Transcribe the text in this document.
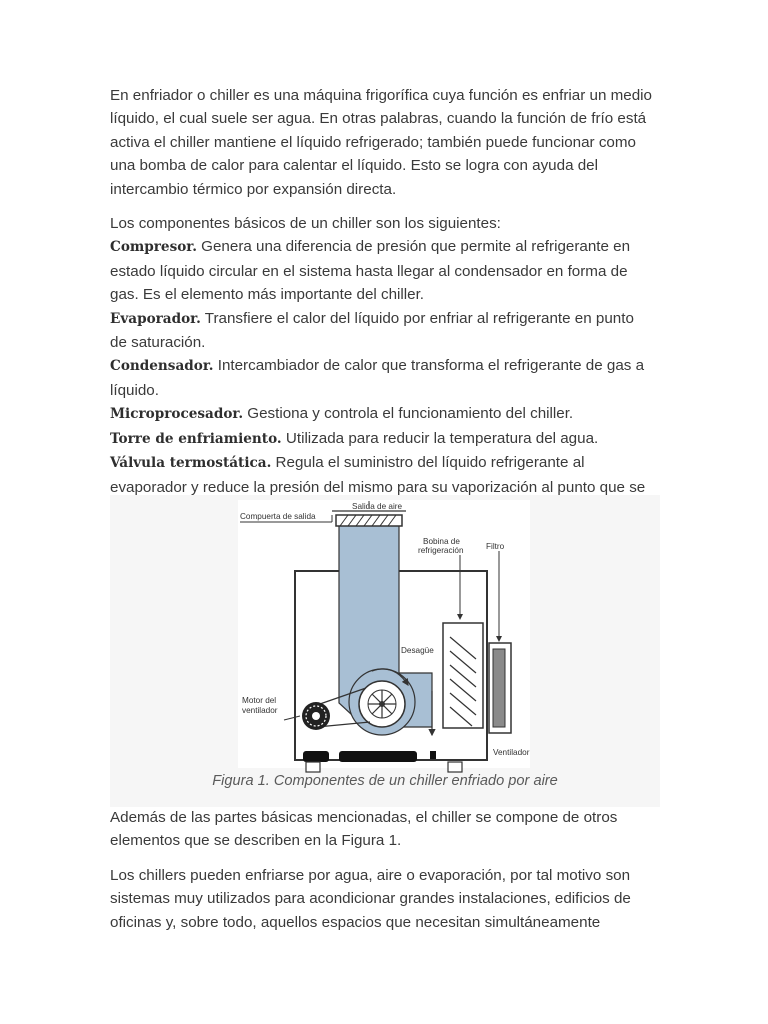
En enfriador o chiller es una máquina frigorífica cuya función es enfriar un medio líquido, el cual suele ser agua. En otras palabras, cuando la función de frío está activa el chiller mantiene el líquido refrigerado; también puede funcionar como una bomba de calor para calentar el líquido. Esto se logra con ayuda del intercambio térmico por expansión directa.

Los componentes básicos de un chiller son los siguientes:

Compresor. Genera una diferencia de presión que permite al refrigerante en estado líquido circular en el sistema hasta llegar al condensador en forma de gas. Es el elemento más importante del chiller.

Evaporador. Transfiere el calor del líquido por enfriar al refrigerante en punto de saturación.

Condensador. Intercambiador de calor que transforma el refrigerante de gas a líquido.

Microprocesador. Gestiona y controla el funcionamiento del chiller.

Torre de enfriamiento. Utilizada para reducir la temperatura del agua.

Válvula termostática. Regula el suministro del líquido refrigerante al evaporador y reduce la presión del mismo para su vaporización al punto que se

Compuerta de salida
Salida de aire
Bobina de
refrigeración	Filtro
Desagüe
Motor del
ventilador
Ventilador
Figura 1. Componentes de un chiller enfriado por aire

Además de las partes básicas mencionadas, el chiller se compone de otros elementos que se describen en la Figura 1.

Los chillers pueden enfriarse por agua, aire o evaporación, por tal motivo son sistemas muy utilizados para acondicionar grandes instalaciones, edificios de oficinas y, sobre todo, aquellos espacios que necesitan simultáneamente
